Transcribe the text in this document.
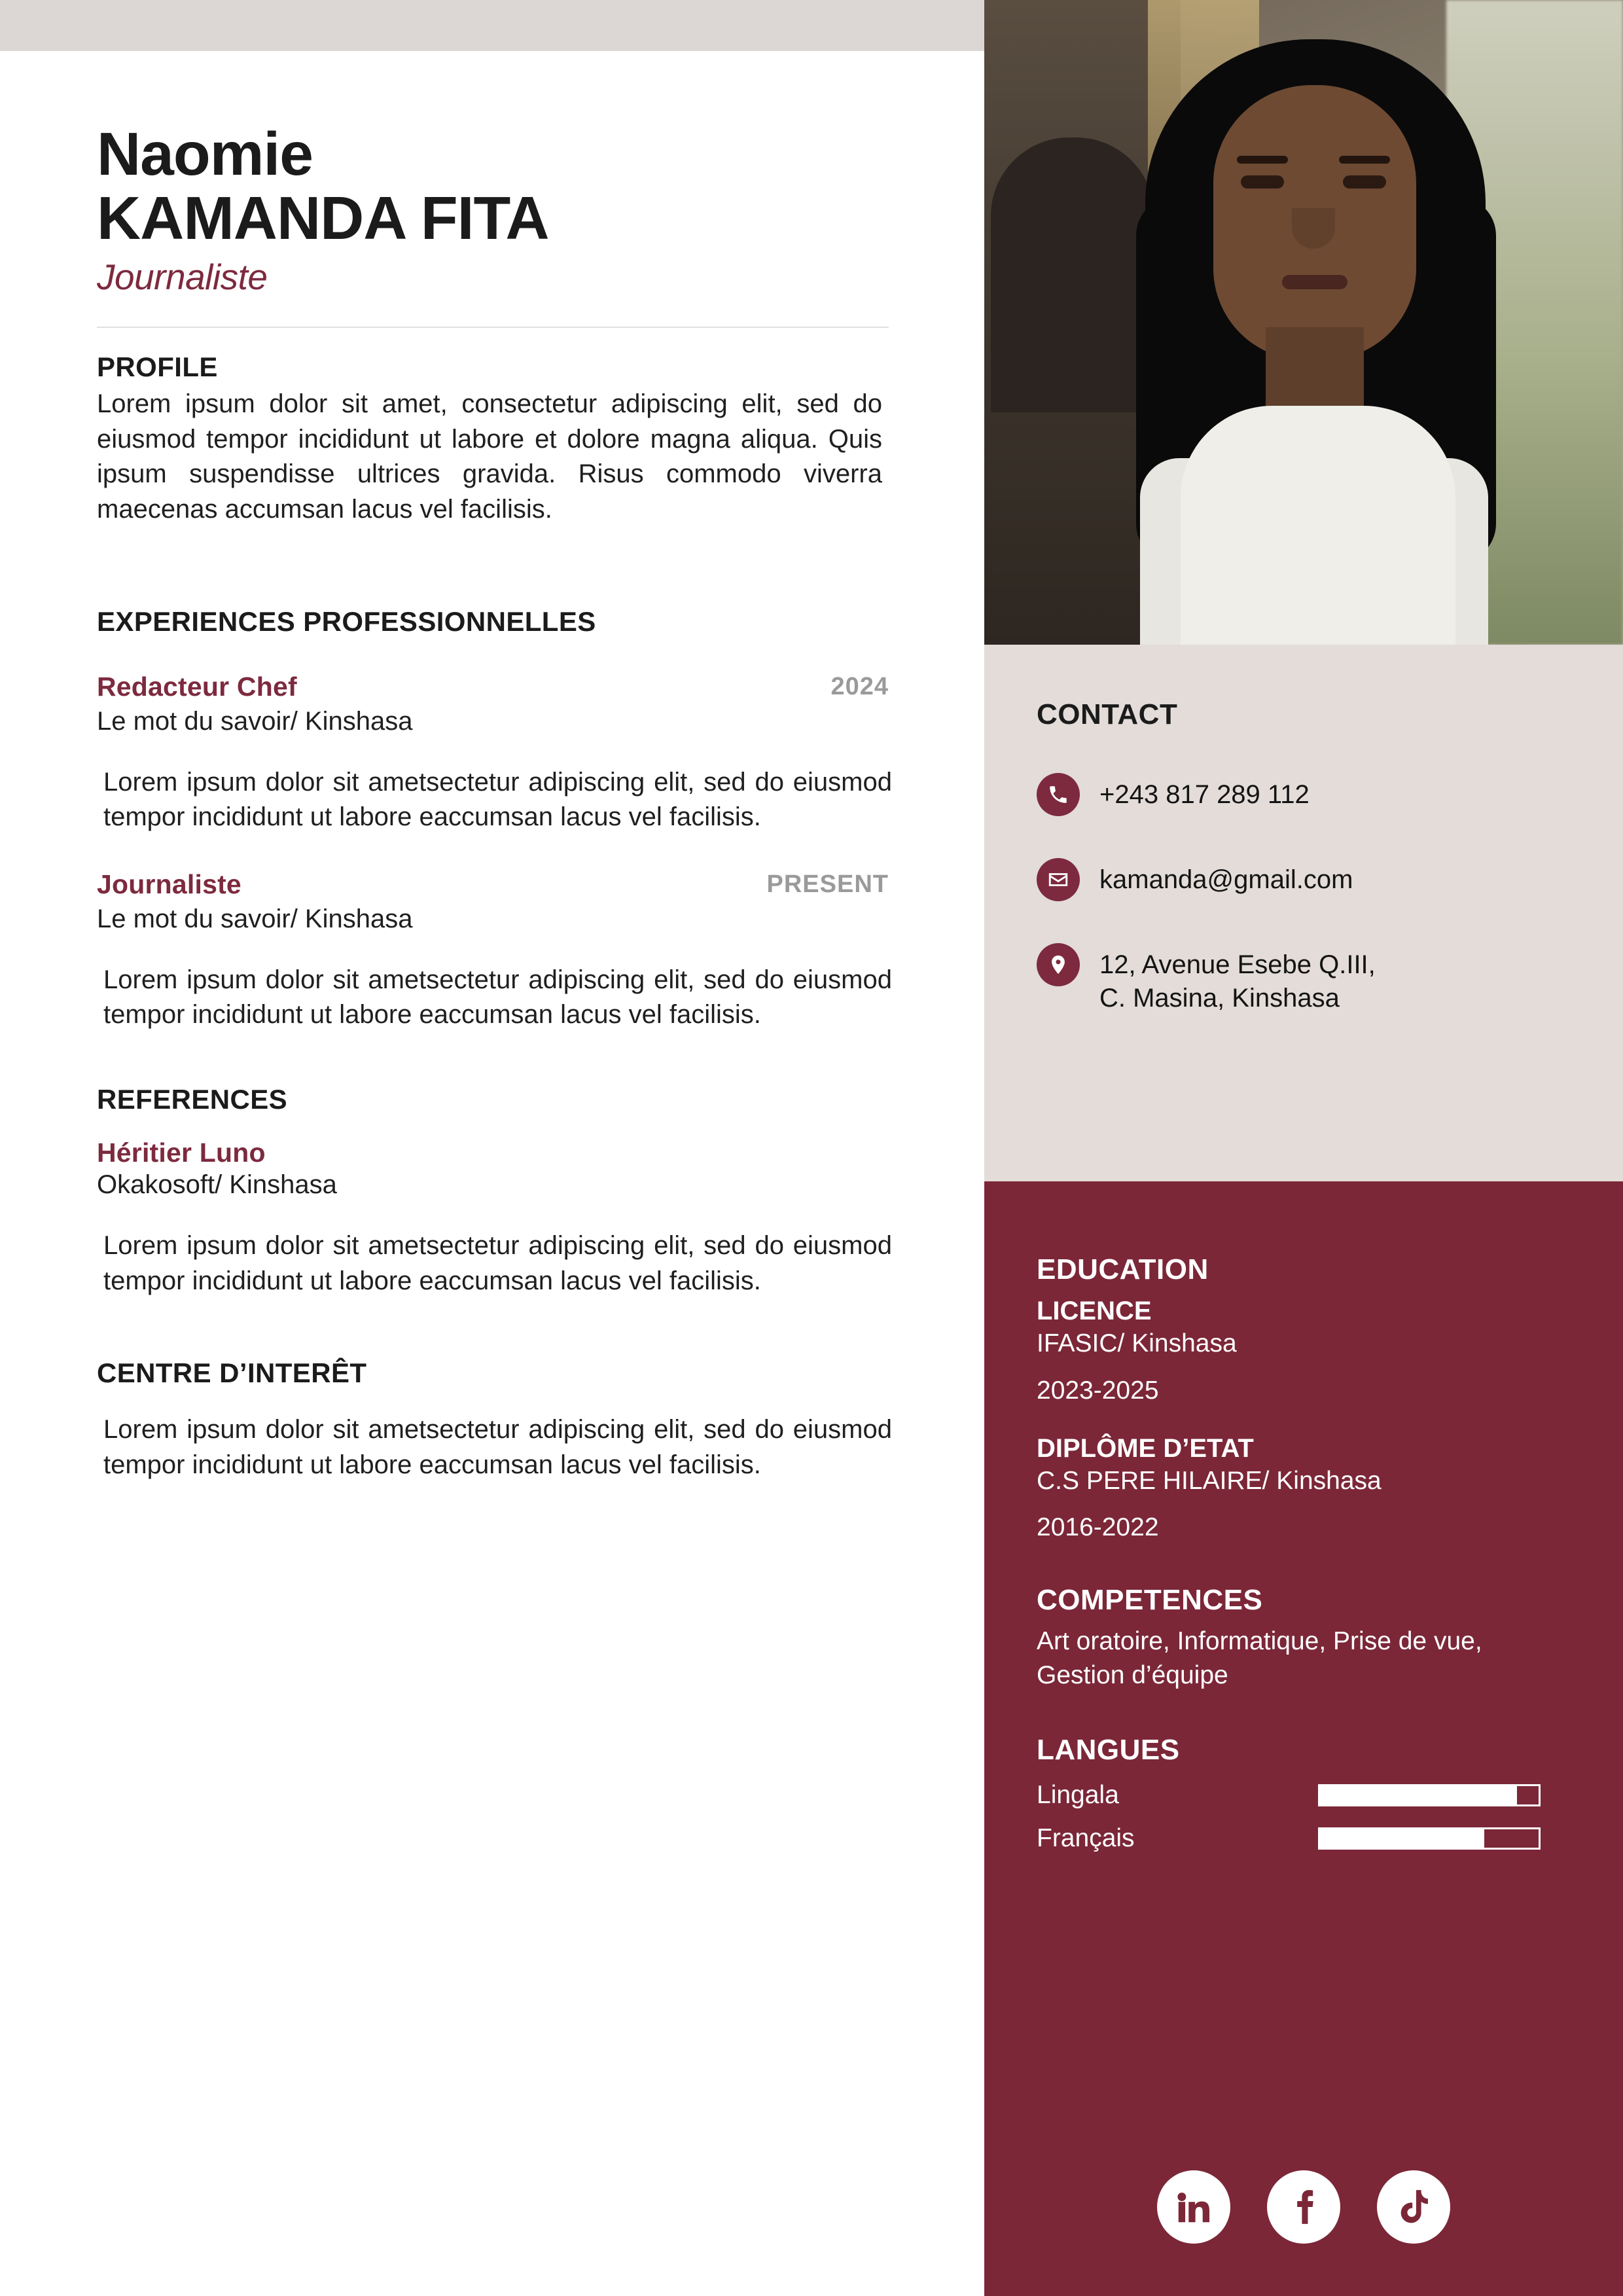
Naomie
KAMANDA FITA
Journaliste
PROFILE
Lorem ipsum dolor sit amet, consectetur adipiscing elit, sed do eiusmod tempor incididunt ut labore et dolore magna aliqua. Quis ipsum suspendisse ultrices gravida. Risus commodo viverra maecenas accumsan lacus vel facilisis.
EXPERIENCES PROFESSIONNELLES
Redacteur Chef	2024
Le mot du savoir/ Kinshasa
Lorem ipsum dolor sit ametsectetur adipiscing elit, sed do eiusmod tempor incididunt ut labore eaccumsan lacus vel facilisis.
Journaliste	PRESENT
Le mot du savoir/ Kinshasa
Lorem ipsum dolor sit ametsectetur adipiscing elit, sed do eiusmod tempor incididunt ut labore eaccumsan lacus vel facilisis.
REFERENCES
Héritier Luno
Okakosoft/ Kinshasa
Lorem ipsum dolor sit ametsectetur adipiscing elit, sed do eiusmod tempor incididunt ut labore eaccumsan lacus vel facilisis.
CENTRE D’INTERÊT
Lorem ipsum dolor sit ametsectetur adipiscing elit, sed do eiusmod tempor incididunt ut labore eaccumsan lacus vel facilisis.
CONTACT
+243 817 289 112
kamanda@gmail.com
12, Avenue Esebe Q.III,
C. Masina, Kinshasa
EDUCATION
LICENCE
IFASIC/ Kinshasa
2023-2025
DIPLÔME D’ETAT
C.S PERE HILAIRE/ Kinshasa
2016-2022
COMPETENCES
Art oratoire, Informatique, Prise de vue, Gestion d’équipe
LANGUES
Lingala
Français
